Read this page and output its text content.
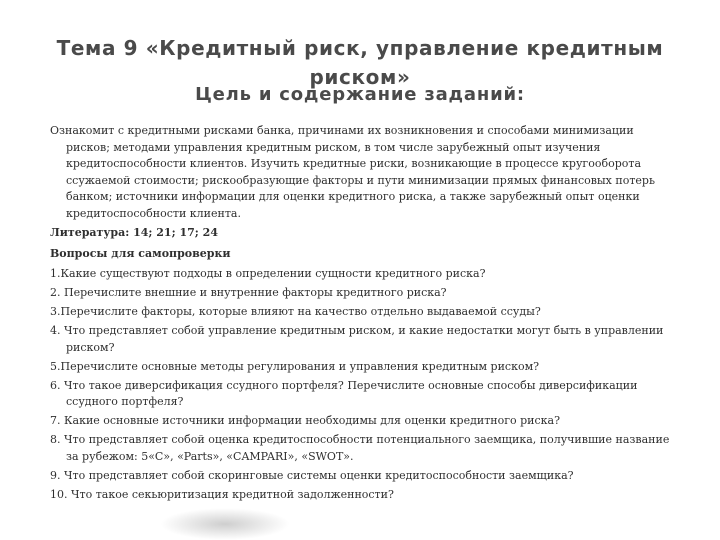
Тема 9 «Кредитный риск, управление кредитным риском»
Цель и содержание заданий:

Ознакомит с кредитными рисками банка, причинами их возникновения и способами минимизации рисков; методами управления кредитным риском, в том числе зарубежный опыт изучения кредитоспособности клиентов. Изучить кредитные риски, возникающие в процессе кругооборота ссужаемой стоимости; рискообразующие факторы и пути минимизации прямых финансовых потерь банком; источники информации для оценки кредитного риска, а также зарубежный опыт оценки кредитоспособности клиента.

Литература: 14; 21; 17; 24

Вопросы для самопроверки

1.Какие существуют подходы в определении сущности кредитного риска?

2. Перечислите внешние и внутренние факторы кредитного риска?

3.Перечислите факторы, которые влияют на качество отдельно выдаваемой ссуды?

4. Что представляет собой управление кредитным риском, и какие недостатки могут быть в управлении риском?

5.Перечислите основные методы регулирования и управления кредитным риском?

6. Что такое диверсификация ссудного портфеля? Перечислите основные способы диверсификации ссудного портфеля?

7. Какие основные источники информации необходимы для оценки кредитного риска?

8. Что представляет собой оценка кредитоспособности потенциального заемщика, получившие название за рубежом: 5«С», «Parts», «CAMPARI», «SWOT».

9. Что представляет собой скоринговые системы оценки кредитоспособности заемщика?

10. Что такое секьюритизация кредитной задолженности?
